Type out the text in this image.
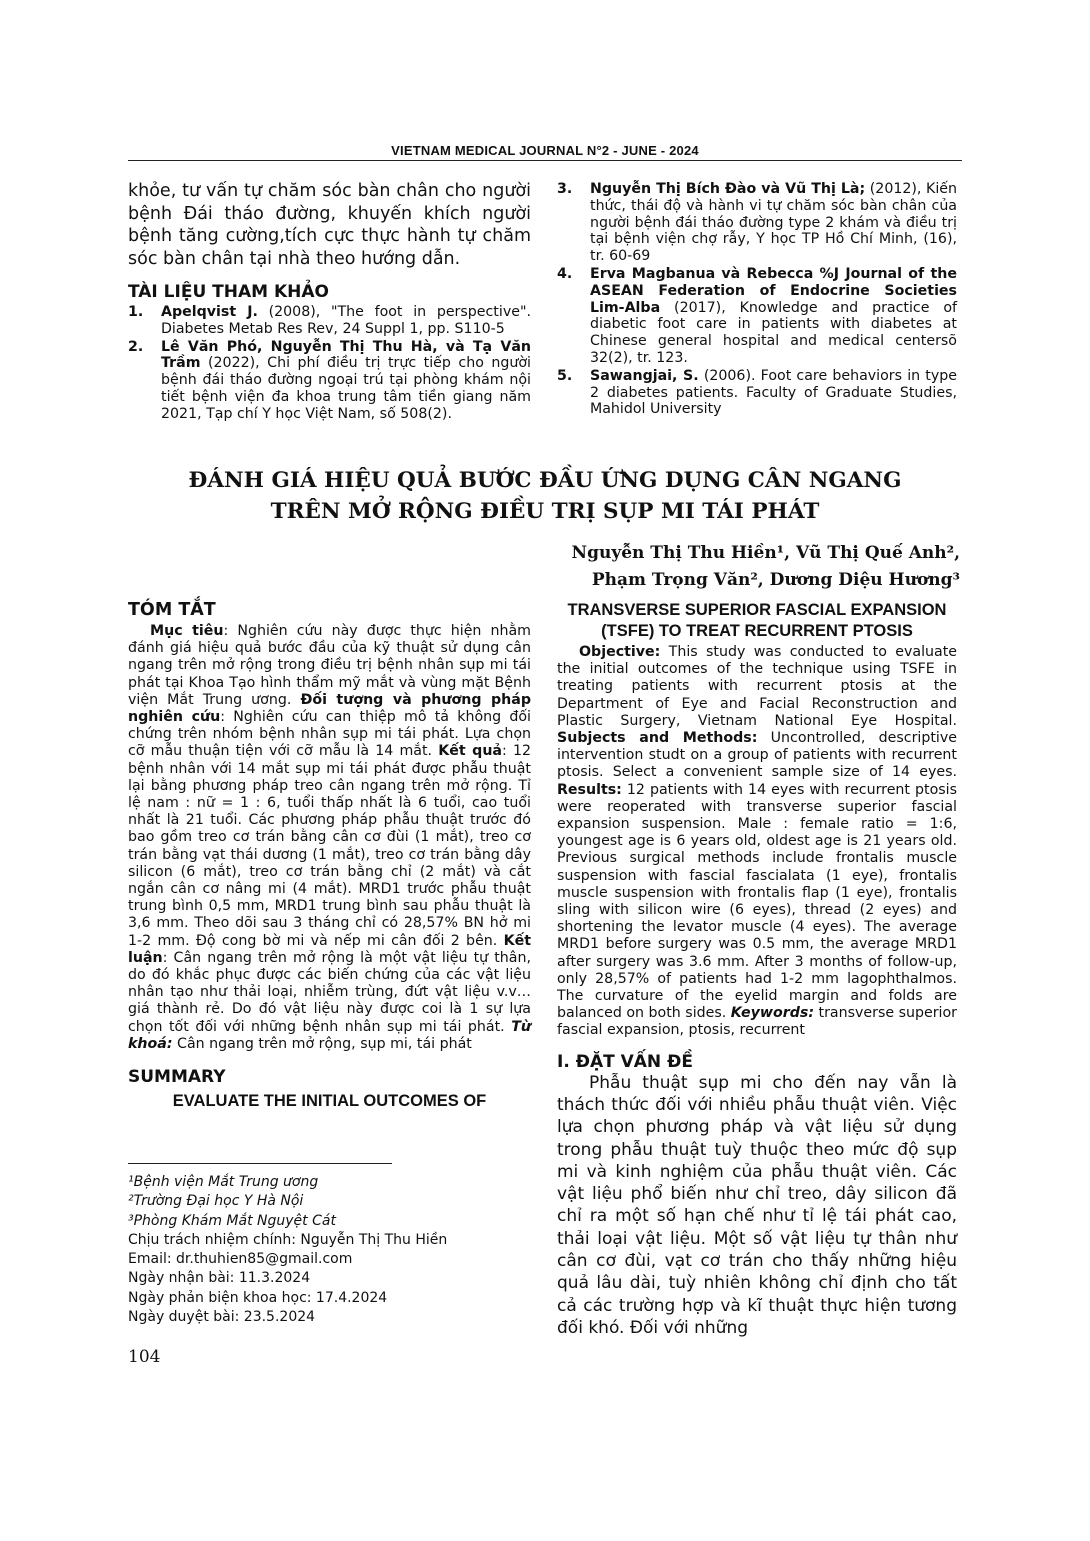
VIETNAM MEDICAL JOURNAL N°2 - JUNE - 2024
khỏe, tư vấn tự chăm sóc bàn chân cho người bệnh Đái tháo đường, khuyến khích người bệnh tăng cường,tích cực thực hành tự chăm sóc bàn chân tại nhà theo hướng dẫn.
TÀI LIỆU THAM KHẢO
1.	Apelqvist J. (2008), "The foot in perspective". Diabetes Metab Res Rev, 24 Suppl 1, pp. S110-5
2.	Lê Văn Phó, Nguyễn Thị Thu Hà, và Tạ Văn Trầm (2022), Chi phí điều trị trực tiếp cho người bệnh đái tháo đường ngoại trú tại phòng khám nội tiết bệnh viện đa khoa trung tâm tiền giang năm 2021, Tạp chí Y học Việt Nam, số 508(2).
3.	Nguyễn Thị Bích Đào và Vũ Thị Là; (2012), Kiến thức, thái độ và hành vi tự chăm sóc bàn chân của người bệnh đái tháo đường type 2 khám và điều trị tại bệnh viện chợ rẫy, Y học TP Hồ Chí Minh, (16), tr. 60-69
4.	Erva Magbanua và Rebecca %J Journal of the ASEAN Federation of Endocrine Societies Lim-Alba (2017), Knowledge and practice of diabetic foot care in patients with diabetes at Chinese general hospital and medical centersõ 32(2), tr. 123.
5.	Sawangjai, S. (2006). Foot care behaviors in type 2 diabetes patients. Faculty of Graduate Studies, Mahidol University
ĐÁNH GIÁ HIỆU QUẢ BƯỚC ĐẦU ỨNG DỤNG CÂN NGANG
TRÊN MỞ RỘNG ĐIỀU TRỊ SỤP MI TÁI PHÁT
Nguyễn Thị Thu Hiền¹, Vũ Thị Quế Anh²,
Phạm Trọng Văn², Dương Diệu Hương³
TÓM TẮT
Mục tiêu: Nghiên cứu này được thực hiện nhằm đánh giá hiệu quả bước đầu của kỹ thuật sử dụng cân ngang trên mở rộng trong điều trị bệnh nhân sụp mi tái phát tại Khoa Tạo hình thẩm mỹ mắt và vùng mặt Bệnh viện Mắt Trung ương. Đối tượng và phương pháp nghiên cứu: Nghiên cứu can thiệp mô tả không đối chứng trên nhóm bệnh nhân sụp mi tái phát. Lựa chọn cỡ mẫu thuận tiện với cỡ mẫu là 14 mắt. Kết quả: 12 bệnh nhân với 14 mắt sụp mi tái phát được phẫu thuật lại bằng phương pháp treo cân ngang trên mở rộng. Tỉ lệ nam : nữ = 1 : 6, tuổi thấp nhất là 6 tuổi, cao tuổi nhất là 21 tuổi. Các phương pháp phẫu thuật trước đó bao gồm treo cơ trán bằng cân cơ đùi (1 mắt), treo cơ trán bằng vạt thái dương (1 mắt), treo cơ trán bằng dây silicon (6 mắt), treo cơ trán bằng chỉ (2 mắt) và cắt ngắn cân cơ nâng mi (4 mắt). MRD1 trước phẫu thuật trung bình 0,5 mm, MRD1 trung bình sau phẫu thuật là 3,6 mm. Theo dõi sau 3 tháng chỉ có 28,57% BN hở mi 1-2 mm. Độ cong bờ mi và nếp mi cân đối 2 bên. Kết luận: Cân ngang trên mở rộng là một vật liệu tự thân, do đó khắc phục được các biến chứng của các vật liệu nhân tạo như thải loại, nhiễm trùng, đứt vật liệu v.v… giá thành rẻ. Do đó vật liệu này được coi là 1 sự lựa chọn tốt đối với những bệnh nhân sụp mi tái phát. Từ khoá: Cân ngang trên mở rộng, sụp mi, tái phát
SUMMARY
EVALUATE THE INITIAL OUTCOMES OF
¹Bệnh viện Mắt Trung ương
²Trường Đại học Y Hà Nội
³Phòng Khám Mắt Nguyệt Cát
Chịu trách nhiệm chính: Nguyễn Thị Thu Hiền
Email: dr.thuhien85@gmail.com
Ngày nhận bài: 11.3.2024
Ngày phản biện khoa học: 17.4.2024
Ngày duyệt bài: 23.5.2024
104
TRANSVERSE SUPERIOR FASCIAL EXPANSION (TSFE) TO TREAT RECURRENT PTOSIS
Objective: This study was conducted to evaluate the initial outcomes of the technique using TSFE in treating patients with recurrent ptosis at the Department of Eye and Facial Reconstruction and Plastic Surgery, Vietnam National Eye Hospital. Subjects and Methods: Uncontrolled, descriptive intervention studt on a group of patients with recurrent ptosis. Select a convenient sample size of 14 eyes. Results: 12 patients with 14 eyes with recurrent ptosis were reoperated with transverse superior fascial expansion suspension. Male : female ratio = 1:6, youngest age is 6 years old, oldest age is 21 years old. Previous surgical methods include frontalis muscle suspension with fascial fascialata (1 eye), frontalis muscle suspension with frontalis flap (1 eye), frontalis sling with silicon wire (6 eyes), thread (2 eyes) and shortening the levator muscle (4 eyes). The average MRD1 before surgery was 0.5 mm, the average MRD1 after surgery was 3.6 mm. After 3 months of follow-up, only 28,57% of patients had 1-2 mm lagophthalmos. The curvature of the eyelid margin and folds are balanced on both sides. Keywords: transverse superior fascial expansion, ptosis, recurrent
I. ĐẶT VẤN ĐỀ
Phẫu thuật sụp mi cho đến nay vẫn là thách thức đối với nhiều phẫu thuật viên. Việc lựa chọn phương pháp và vật liệu sử dụng trong phẫu thuật tuỳ thuộc theo mức độ sụp mi và kinh nghiệm của phẫu thuật viên. Các vật liệu phổ biến như chỉ treo, dây silicon đã chỉ ra một số hạn chế như tỉ lệ tái phát cao, thải loại vật liệu. Một số vật liệu tự thân như cân cơ đùi, vạt cơ trán cho thấy những hiệu quả lâu dài, tuỳ nhiên không chỉ định cho tất cả các trường hợp và kĩ thuật thực hiện tương đối khó. Đối với những
